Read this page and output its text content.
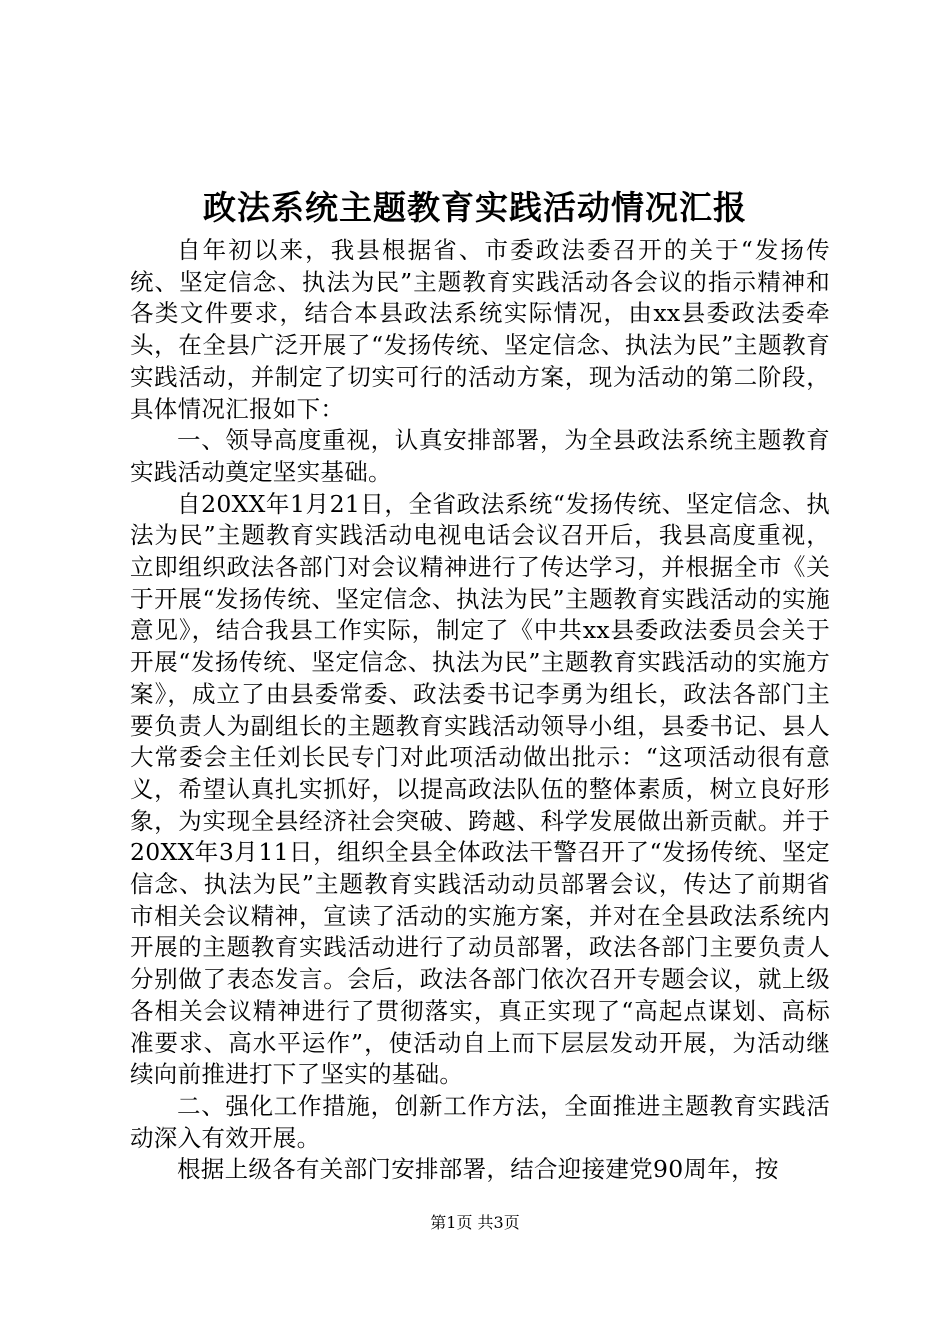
政法系统主题教育实践活动情况汇报

自年初以来，我县根据省、市委政法委召开的关于“发扬传统、坚定信念、执法为民”主题教育实践活动各会议的指示精神和各类文件要求，结合本县政法系统实际情况，由xx县委政法委牵头，在全县广泛开展了“发扬传统、坚定信念、执法为民”主题教育实践活动，并制定了切实可行的活动方案，现为活动的第二阶段，具体情况汇报如下：

一、领导高度重视，认真安排部署，为全县政法系统主题教育实践活动奠定坚实基础。

自20XX年1月21日，全省政法系统“发扬传统、坚定信念、执法为民”主题教育实践活动电视电话会议召开后，我县高度重视，立即组织政法各部门对会议精神进行了传达学习，并根据全市《关于开展“发扬传统、坚定信念、执法为民”主题教育实践活动的实施意见》，结合我县工作实际，制定了《中共xx县委政法委员会关于开展“发扬传统、坚定信念、执法为民”主题教育实践活动的实施方案》，成立了由县委常委、政法委书记李勇为组长，政法各部门主要负责人为副组长的主题教育实践活动领导小组，县委书记、县人大常委会主任刘长民专门对此项活动做出批示：“这项活动很有意义，希望认真扎实抓好，以提高政法队伍的整体素质，树立良好形象，为实现全县经济社会突破、跨越、科学发展做出新贡献。并于20XX年3月11日，组织全县全体政法干警召开了“发扬传统、坚定信念、执法为民”主题教育实践活动动员部署会议，传达了前期省市相关会议精神，宣读了活动的实施方案，并对在全县政法系统内开展的主题教育实践活动进行了动员部署，政法各部门主要负责人分别做了表态发言。会后，政法各部门依次召开专题会议，就上级各相关会议精神进行了贯彻落实，真正实现了“高起点谋划、高标准要求、高水平运作”，使活动自上而下层层发动开展，为活动继续向前推进打下了坚实的基础。

二、强化工作措施，创新工作方法，全面推进主题教育实践活动深入有效开展。

根据上级各有关部门安排部署，结合迎接建党90周年，按

第1页 共3页
